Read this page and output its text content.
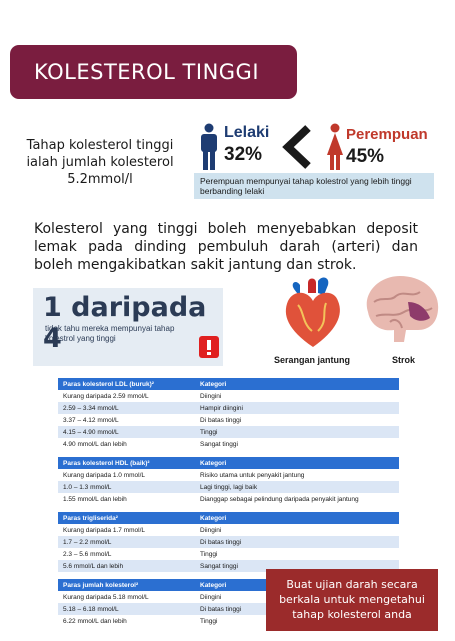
KOLESTEROL TINGGI
Tahap kolesterol tinggi ialah jumlah kolesterol 5.2mmol/l
Lelaki
32%
Perempuan
45%
Perempuan mempunyai tahap kolestrol yang lebih tinggi berbanding lelaki
Kolesterol yang tinggi boleh menyebabkan deposit lemak pada dinding pembuluh darah (arteri) dan boleh mengakibatkan sakit jantung dan strok.
1 daripada 4
tidak tahu mereka mempunyai tahap kolestrol yang tinggi
Serangan jantung	Strok
Paras kolesterol LDL (buruk)²	Kategori
Kurang daripada 2.59 mmol/L	Diingini
2.59 – 3.34 mmol/L	Hampir diingini
3.37 – 4.12 mmol/L	Di batas tinggi
4.15 – 4.90 mmol/L	Tinggi
4.90 mmol/L dan lebih	Sangat tinggi
Paras kolesterol HDL (baik)²	Kategori
Kurang daripada 1.0 mmol/L	Risiko utama untuk penyakit jantung
1.0 – 1.3 mmol/L	Lagi tinggi, lagi baik
1.55 mmol/L dan lebih	Dianggap sebagai pelindung daripada penyakit jantung
Paras trigliserida²	Kategori
Kurang daripada 1.7 mmol/L	Diingini
1.7 – 2.2 mmol/L	Di batas tinggi
2.3 – 5.6 mmol/L	Tinggi
5.6 mmol/L dan lebih	Sangat tinggi
Paras jumlah kolesterol²	Kategori
Kurang daripada 5.18 mmol/L	Diingini
5.18 – 6.18 mmol/L	Di batas tinggi
6.22 mmol/L dan lebih	Tinggi
Buat ujian darah secara berkala untuk mengetahui tahap kolesterol anda
